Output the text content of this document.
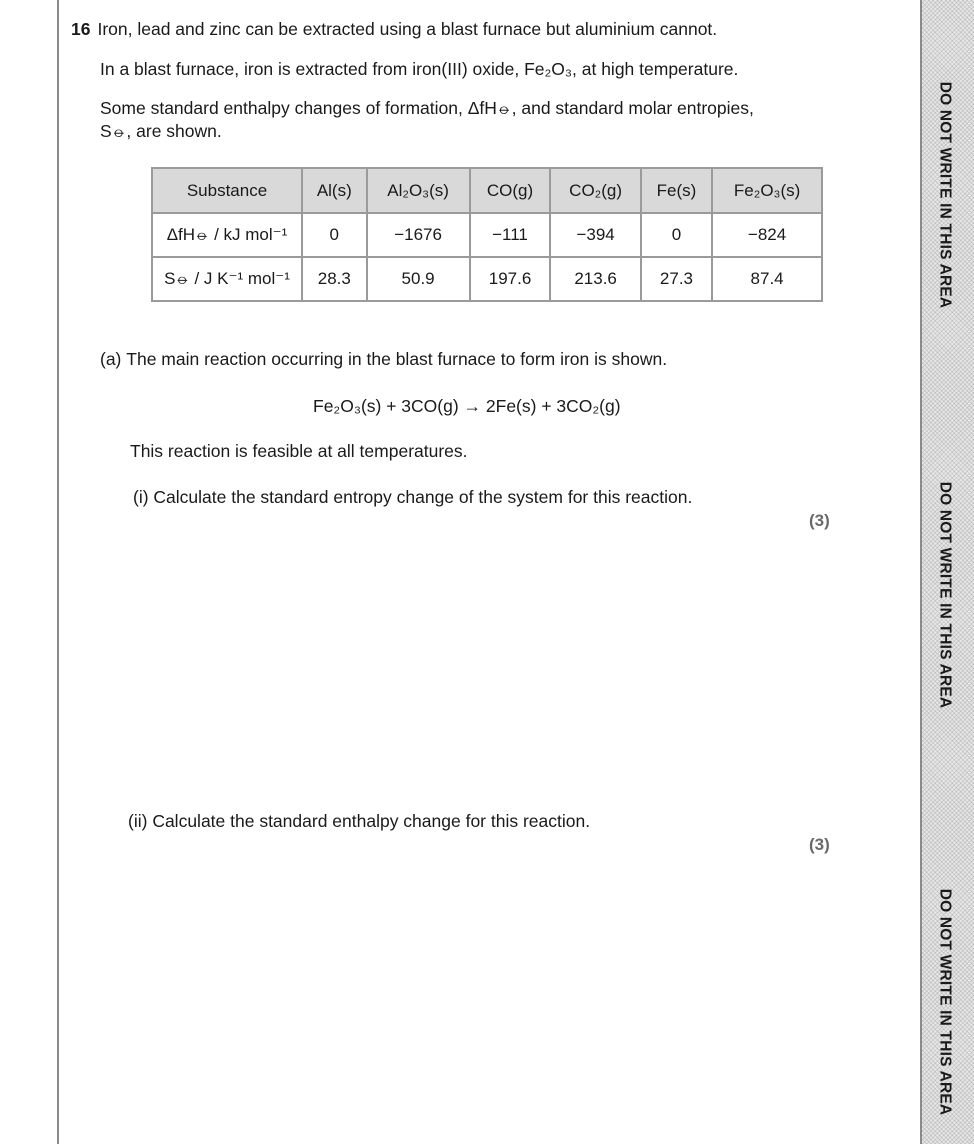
DO NOT WRITE IN THIS AREA
DO NOT WRITE IN THIS AREA
DO NOT WRITE IN THIS AREA
16 Iron, lead and zinc can be extracted using a blast furnace but aluminium cannot.
In a blast furnace, iron is extracted from iron(III) oxide, Fe₂O₃, at high temperature.
Some standard enthalpy changes of formation, ΔfH⦵, and standard molar entropies,
S⦵, are shown.
Substance	Al(s)	Al₂O₃(s)	CO(g)	CO₂(g)	Fe(s)	Fe₂O₃(s)
ΔfH⦵ / kJ mol⁻¹	0	−1676	−111	−394	0	−824
S⦵ / J K⁻¹ mol⁻¹	28.3	50.9	197.6	213.6	27.3	87.4
(a) The main reaction occurring in the blast furnace to form iron is shown.
Fe₂O₃(s) + 3CO(g) → 2Fe(s) + 3CO₂(g)
This reaction is feasible at all temperatures.
(i) Calculate the standard entropy change of the system for this reaction.
(3)
(ii) Calculate the standard enthalpy change for this reaction.
(3)
